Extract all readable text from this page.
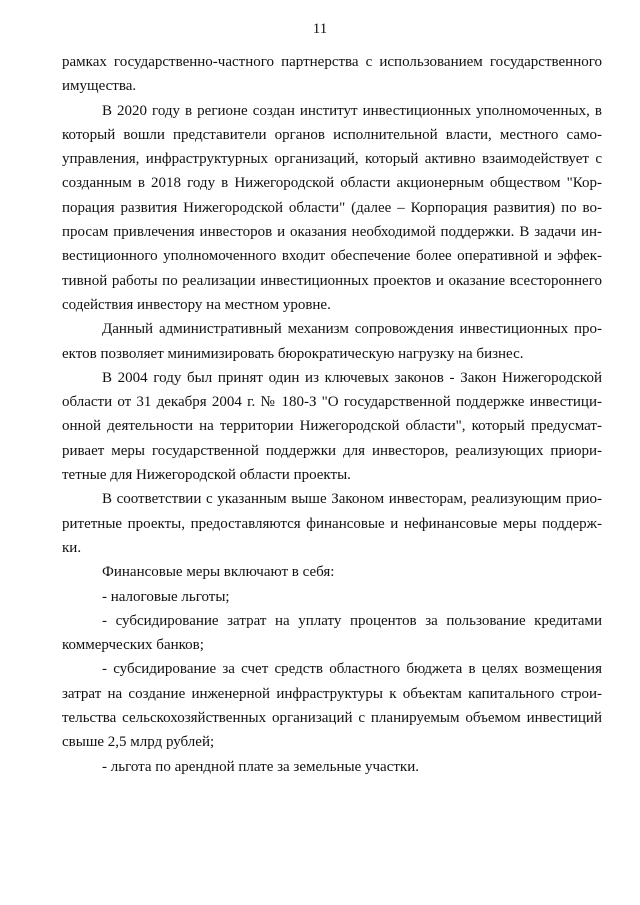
11

рамках государственно-частного партнерства с использованием государственного имущества.

В 2020 году в регионе создан институт инвестиционных уполномоченных, в который вошли представители органов исполнительной власти, местного само-управления, инфраструктурных организаций, который активно взаимодействует с созданным в 2018 году в Нижегородской области акционерным обществом "Кор-порация развития Нижегородской области" (далее – Корпорация развития) по во-просам привлечения инвесторов и оказания необходимой поддержки. В задачи ин-вестиционного уполномоченного входит обеспечение более оперативной и эффек-тивной работы по реализации инвестиционных проектов и оказание всестороннего содействия инвестору на местном уровне.

Данный административный механизм сопровождения инвестиционных про-ектов позволяет минимизировать бюрократическую нагрузку на бизнес.

В 2004 году был принят один из ключевых законов - Закон Нижегородской области от 31 декабря 2004 г. № 180-З "О государственной поддержке инвестици-онной деятельности на территории Нижегородской области", который предусмат-ривает меры государственной поддержки для инвесторов, реализующих приори-тетные для Нижегородской области проекты.

В соответствии с указанным выше Законом инвесторам, реализующим прио-ритетные проекты, предоставляются финансовые и нефинансовые меры поддерж-ки.

Финансовые меры включают в себя:

- налоговые льготы;

- субсидирование затрат на уплату процентов за пользование кредитами коммерческих банков;

- субсидирование за счет средств областного бюджета в целях возмещения затрат на создание инженерной инфраструктуры к объектам капитального строи-тельства сельскохозяйственных организаций с планируемым объемом инвестиций свыше 2,5 млрд рублей;

- льгота по арендной плате за земельные участки.
